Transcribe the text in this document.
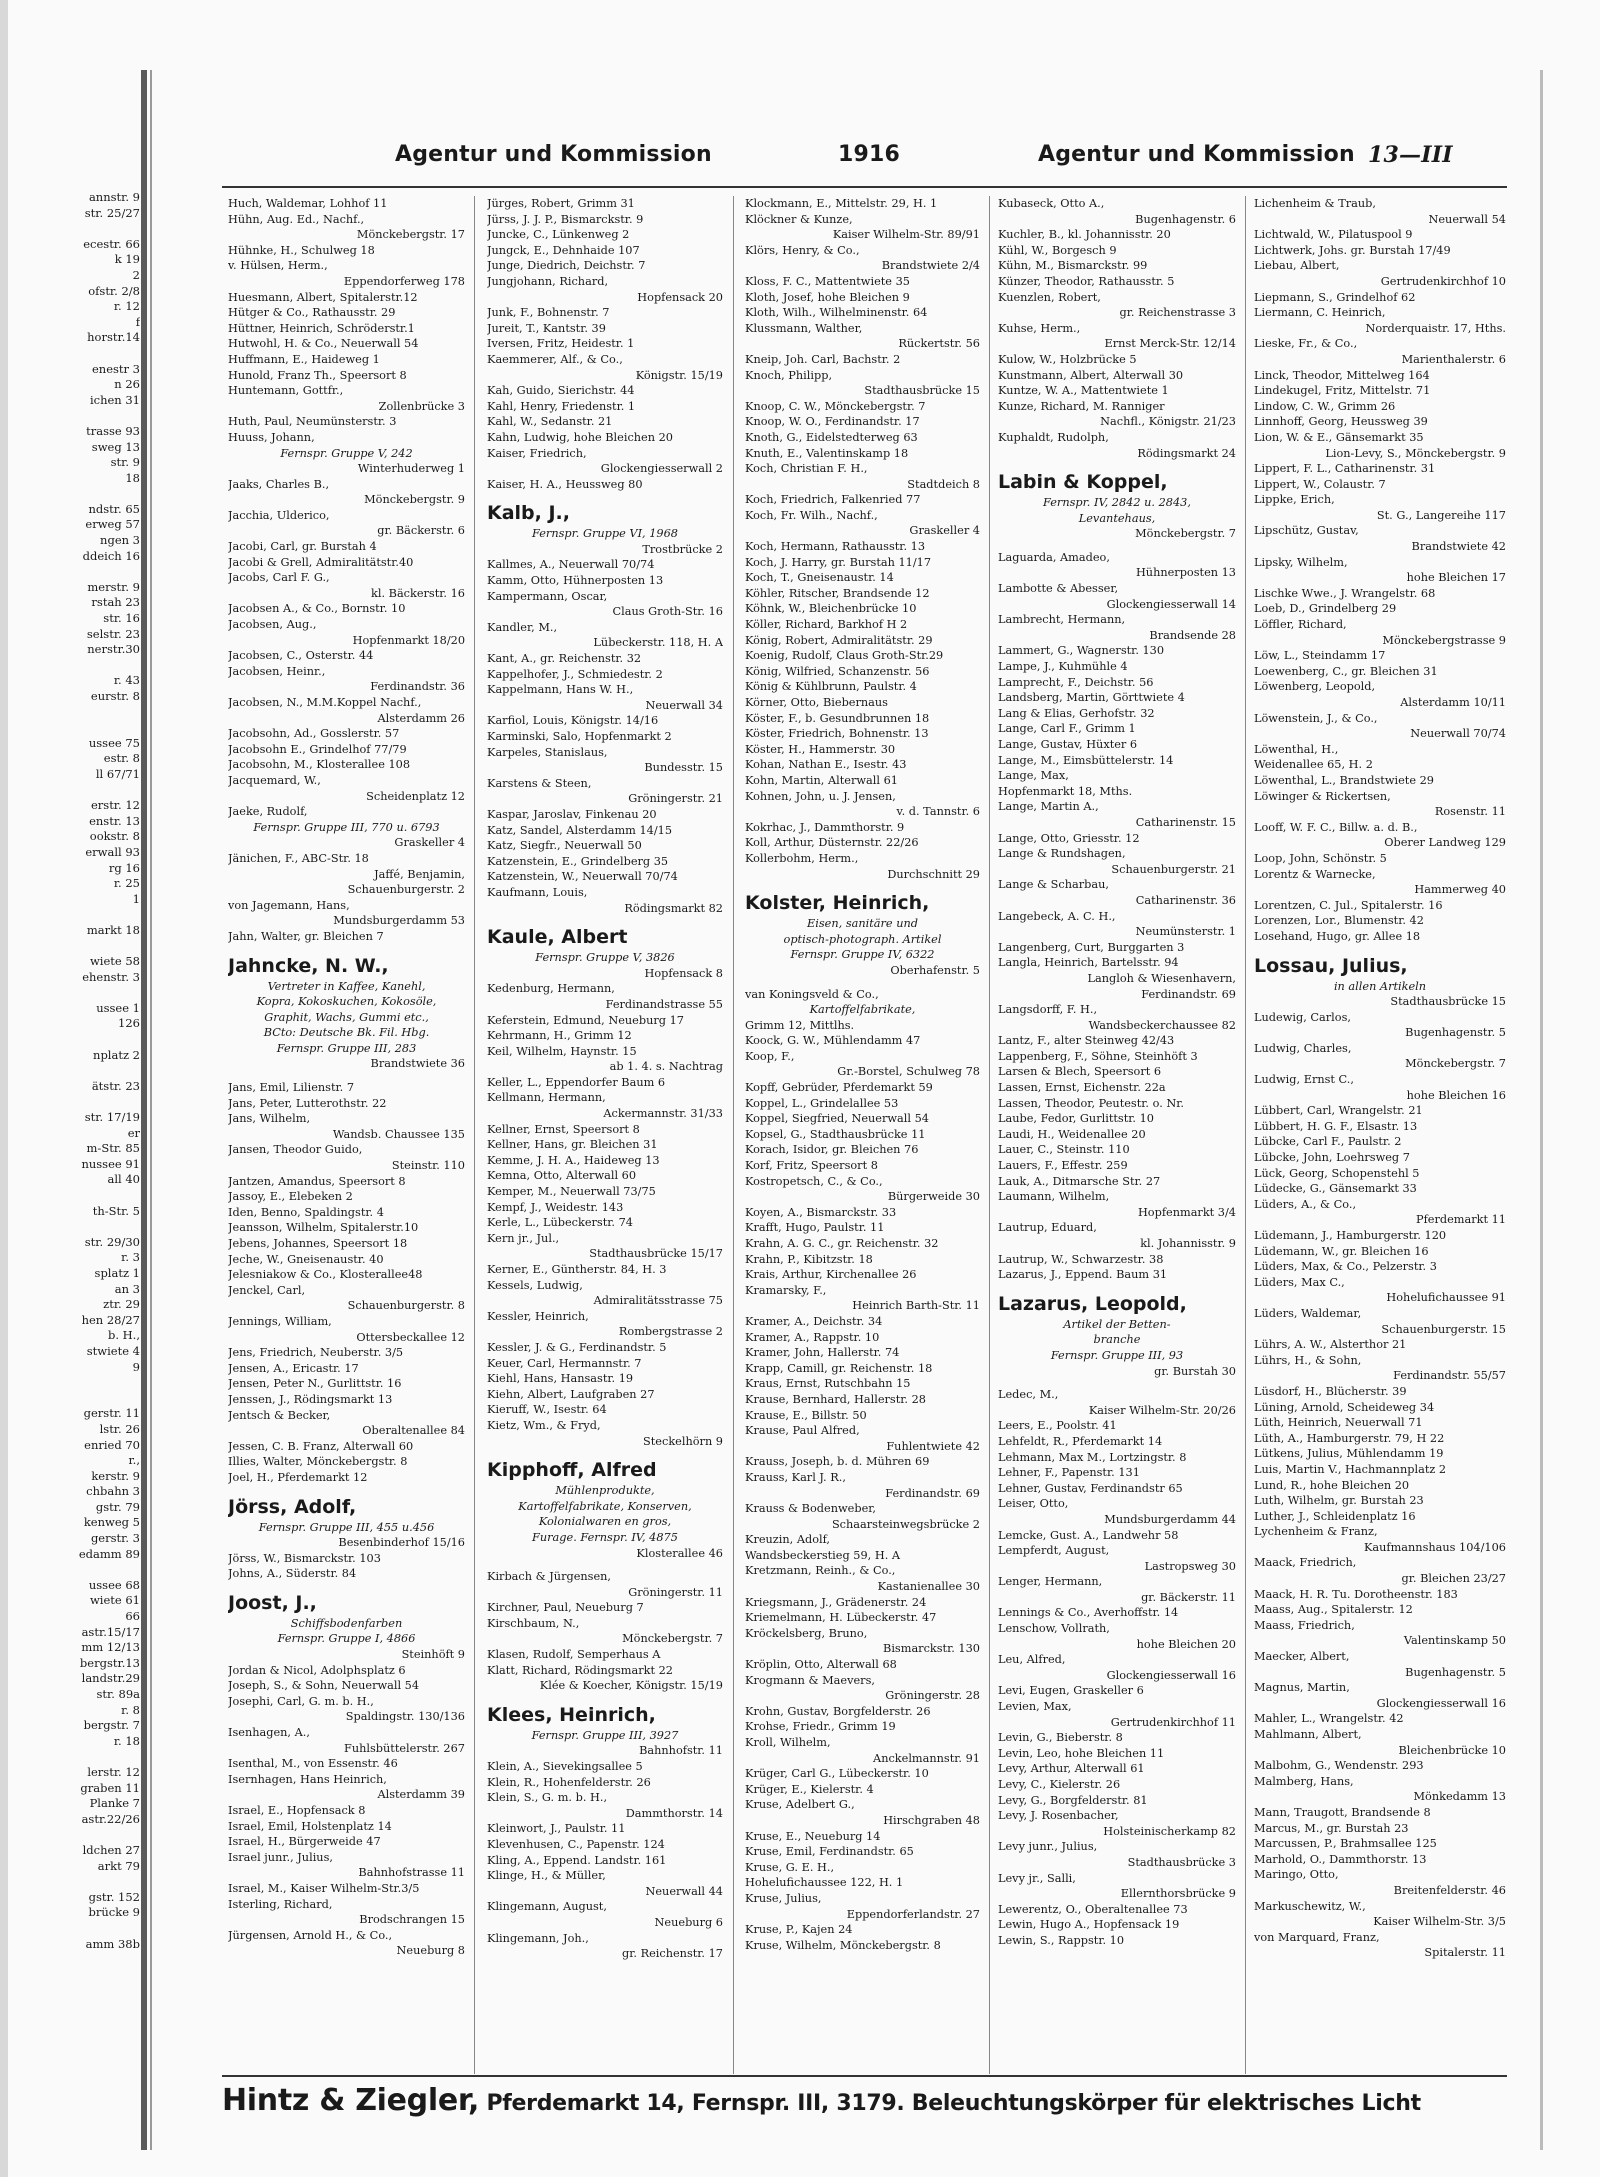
annstr. 9
str. 25/27

ecestr. 66
k 19
2
ofstr. 2/8
r. 12
f
horstr.14

enestr 3
n 26
ichen 31

trasse 93
sweg 13
str. 9
18

ndstr. 65
erweg 57
ngen 3
ddeich 16

merstr. 9
rstah 23
str. 16
selstr. 23
nerstr.30

r. 43
eurstr. 8

ussee 75
estr. 8
ll 67/71

erstr. 12
enstr. 13
ookstr. 8
erwall 93
rg 16
r. 25
1

markt 18

wiete 58
ehenstr. 3

ussee 1
126

nplatz 2

ätstr. 23

str. 17/19
er
m-Str. 85
nussee 91
all 40

th-Str. 5

str. 29/30
r. 3
splatz 1
an 3
ztr. 29
hen 28/27
b. H.,
stwiete 4
9

gerstr. 11
lstr. 26
enried 70
r.,
kerstr. 9
chbahn 3
gstr. 79
kenweg 5
gerstr. 3
edamm 89

ussee 68
wiete 61
66
astr.15/17
mm 12/13
bergstr.13
landstr.29
str. 89a
r. 8
bergstr. 7
r. 18

lerstr. 12
graben 11
Planke 7
astr.22/26

ldchen 27
arkt 79

gstr. 152
brücke 9

amm 38b
Agentur und Kommission	1916	Agentur und Kommission 13—III
Huch, Waldemar, Lohhof 11
Hühn, Aug. Ed., Nachf.,
Mönckebergstr. 17
Hühnke, H., Schulweg 18
v. Hülsen, Herm.,
Eppendorferweg 178
Huesmann, Albert, Spitalerstr.12
Hütger & Co., Rathausstr. 29
Hüttner, Heinrich, Schröderstr.1
Hutwohl, H. & Co., Neuerwall 54
Huffmann, E., Haideweg 1
Hunold, Franz Th., Speersort 8
Huntemann, Gottfr.,
Zollenbrücke 3
Huth, Paul, Neumünsterstr. 3
Huuss, Johann,
Fernspr. Gruppe V, 242
Winterhuderweg 1
Jaaks, Charles B.,
Mönckebergstr. 9
Jacchia, Ulderico,
gr. Bäckerstr. 6
Jacobi, Carl, gr. Burstah 4
Jacobi & Grell, Admiralitätstr.40
Jacobs, Carl F. G.,
kl. Bäckerstr. 16
Jacobsen A., & Co., Bornstr. 10
Jacobsen, Aug.,
Hopfenmarkt 18/20
Jacobsen, C., Osterstr. 44
Jacobsen, Heinr.,
Ferdinandstr. 36
Jacobsen, N., M.M.Koppel Nachf.,
Alsterdamm 26
Jacobsohn, Ad., Gosslerstr. 57
Jacobsohn E., Grindelhof 77/79
Jacobsohn, M., Klosterallee 108
Jacquemard, W.,
Scheidenplatz 12
Jaeke, Rudolf,
Fernspr. Gruppe III, 770 u. 6793
Graskeller 4
Jänichen, F., ABC-Str. 18
Jaffé, Benjamin,
Schauenburgerstr. 2
von Jagemann, Hans,
Mundsburgerdamm 53
Jahn, Walter, gr. Bleichen 7

Jahncke, N. W.,
Vertreter in Kaffee, Kanehl,
Kopra, Kokoskuchen, Kokosöle,
Graphit, Wachs, Gummi etc.,
BCto: Deutsche Bk. Fil. Hbg.
Fernspr. Gruppe III, 283
Brandstwiete 36

Jans, Emil, Lilienstr. 7
Jans, Peter, Lutterothstr. 22
Jans, Wilhelm,
Wandsb. Chaussee 135
Jansen, Theodor Guido,
Steinstr. 110
Jantzen, Amandus, Speersort 8
Jassoy, E., Elebeken 2
Iden, Benno, Spaldingstr. 4
Jeansson, Wilhelm, Spitalerstr.10
Jebens, Johannes, Speersort 18
Jeche, W., Gneisenaustr. 40
Jelesniakow & Co., Klosterallee48
Jenckel, Carl,
Schauenburgerstr. 8
Jennings, William,
Ottersbeckallee 12
Jens, Friedrich, Neuberstr. 3/5
Jensen, A., Ericastr. 17
Jensen, Peter N., Gurlittstr. 16
Jenssen, J., Rödingsmarkt 13
Jentsch & Becker,
Oberaltenallee 84
Jessen, C. B. Franz, Alterwall 60
Illies, Walter, Mönckebergstr. 8
Joel, H., Pferdemarkt 12

Jörss, Adolf,
Fernspr. Gruppe III, 455 u.456
Besenbinderhof 15/16
Jörss, W., Bismarckstr. 103
Johns, A., Süderstr. 84

Joost, J.,
Schiffsbodenfarben
Fernspr. Gruppe I, 4866
Steinhöft 9
Jordan & Nicol, Adolphsplatz 6
Joseph, S., & Sohn, Neuerwall 54
Josephi, Carl, G. m. b. H.,
Spaldingstr. 130/136
Isenhagen, A.,
Fuhlsbüttelerstr. 267
Isenthal, M., von Essenstr. 46
Isernhagen, Hans Heinrich,
Alsterdamm 39
Israel, E., Hopfensack 8
Israel, Emil, Holstenplatz 14
Israel, H., Bürgerweide 47
Israel junr., Julius,
Bahnhofstrasse 11
Israel, M., Kaiser Wilhelm-Str.3/5
Isterling, Richard,
Brodschrangen 15
Jürgensen, Arnold H., & Co.,
Neueburg 8
Jürges, Robert, Grimm 31
Jürss, J. J. P., Bismarckstr. 9
Juncke, C., Lünkenweg 2
Jungck, E., Dehnhaide 107
Junge, Diedrich, Deichstr. 7
Jungjohann, Richard,
Hopfensack 20
Junk, F., Bohnenstr. 7
Jureit, T., Kantstr. 39
Iversen, Fritz, Heidestr. 1
Kaemmerer, Alf., & Co.,
Königstr. 15/19
Kah, Guido, Sierichstr. 44
Kahl, Henry, Friedenstr. 1
Kahl, W., Sedanstr. 21
Kahn, Ludwig, hohe Bleichen 20
Kaiser, Friedrich,
Glockengiesserwall 2
Kaiser, H. A., Heussweg 80

Kalb, J.,
Fernspr. Gruppe VI, 1968
Trostbrücke 2
Kallmes, A., Neuerwall 70/74
Kamm, Otto, Hühnerposten 13
Kampermann, Oscar,
Claus Groth-Str. 16
Kandler, M.,
Lübeckerstr. 118, H. A
Kant, A., gr. Reichenstr. 32
Kappelhofer, J., Schmiedestr. 2
Kappelmann, Hans W. H.,
Neuerwall 34
Karfiol, Louis, Königstr. 14/16
Karminski, Salo, Hopfenmarkt 2
Karpeles, Stanislaus,
Bundesstr. 15
Karstens & Steen,
Gröningerstr. 21
Kaspar, Jaroslav, Finkenau 20
Katz, Sandel, Alsterdamm 14/15
Katz, Siegfr., Neuerwall 50
Katzenstein, E., Grindelberg 35
Katzenstein, W., Neuerwall 70/74
Kaufmann, Louis,
Rödingsmarkt 82

Kaule, Albert
Fernspr. Gruppe V, 3826
Hopfensack 8
Kedenburg, Hermann,
Ferdinandstrasse 55
Keferstein, Edmund, Neueburg 17
Kehrmann, H., Grimm 12
Keil, Wilhelm, Haynstr. 15
ab 1. 4. s. Nachtrag
Keller, L., Eppendorfer Baum 6
Kellmann, Hermann,
Ackermannstr. 31/33
Kellner, Ernst, Speersort 8
Kellner, Hans, gr. Bleichen 31
Kemme, J. H. A., Haideweg 13
Kemna, Otto, Alterwall 60
Kemper, M., Neuerwall 73/75
Kempf, J., Weidestr. 143
Kerle, L., Lübeckerstr. 74
Kern jr., Jul.,
Stadthausbrücke 15/17
Kerner, E., Güntherstr. 84, H. 3
Kessels, Ludwig,
Admiralitätsstrasse 75
Kessler, Heinrich,
Rombergstrasse 2
Kessler, J. & G., Ferdinandstr. 5
Keuer, Carl, Hermannstr. 7
Kiehl, Hans, Hansastr. 19
Kiehn, Albert, Laufgraben 27
Kieruff, W., Isestr. 64
Kietz, Wm., & Fryd,
Steckelhörn 9

Kipphoff, Alfred
Mühlenprodukte,
Kartoffelfabrikate, Konserven,
Kolonialwaren en gros,
Furage. Fernspr. IV, 4875
Klosterallee 46

Kirbach & Jürgensen,
Gröningerstr. 11
Kirchner, Paul, Neueburg 7
Kirschbaum, N.,
Mönckebergstr. 7
Klasen, Rudolf, Semperhaus A
Klatt, Richard, Rödingsmarkt 22
Klée & Koecher, Königstr. 15/19

Klees, Heinrich,
Fernspr. Gruppe III, 3927
Bahnhofstr. 11
Klein, A., Sievekingsallee 5
Klein, R., Hohenfelderstr. 26
Klein, S., G. m. b. H.,
Dammthorstr. 14
Kleinwort, J., Paulstr. 11
Klevenhusen, C., Papenstr. 124
Kling, A., Eppend. Landstr. 161
Klinge, H., & Müller,
Neuerwall 44
Klingemann, August,
Neueburg 6
Klingemann, Joh.,
gr. Reichenstr. 17
Klockmann, E., Mittelstr. 29, H. 1
Klöckner & Kunze,
Kaiser Wilhelm-Str. 89/91
Klörs, Henry, & Co.,
Brandstwiete 2/4
Kloss, F. C., Mattentwiete 35
Kloth, Josef, hohe Bleichen 9
Kloth, Wilh., Wilhelminenstr. 64
Klussmann, Walther,
Rückertstr. 56
Kneip, Joh. Carl, Bachstr. 2
Knoch, Philipp,
Stadthausbrücke 15
Knoop, C. W., Mönckebergstr. 7
Knoop, W. O., Ferdinandstr. 17
Knoth, G., Eidelstedterweg 63
Knuth, E., Valentinskamp 18
Koch, Christian F. H.,
Stadtdeich 8
Koch, Friedrich, Falkenried 77
Koch, Fr. Wilh., Nachf.,
Graskeller 4
Koch, Hermann, Rathausstr. 13
Koch, J. Harry, gr. Burstah 11/17
Koch, T., Gneisenaustr. 14
Köhler, Ritscher, Brandsende 12
Köhnk, W., Bleichenbrücke 10
Köller, Richard, Barkhof H 2
König, Robert, Admiralitätstr. 29
Koenig, Rudolf, Claus Groth-Str.29
König, Wilfried, Schanzenstr. 56
König & Kühlbrunn, Paulstr. 4
Körner, Otto, Biebernaus
Köster, F., b. Gesundbrunnen 18
Köster, Friedrich, Bohnenstr. 13
Köster, H., Hammerstr. 30
Kohan, Nathan E., Isestr. 43
Kohn, Martin, Alterwall 61
Kohnen, John, u. J. Jensen,
v. d. Tannstr. 6
Kokrhac, J., Dammthorstr. 9
Koll, Arthur, Düsternstr. 22/26
Kollerbohm, Herm.,
Durchschnitt 29

Kolster, Heinrich,
Eisen, sanitäre und
optisch-photograph. Artikel
Fernspr. Gruppe IV, 6322
Oberhafenstr. 5

van Koningsveld & Co.,
Kartoffelfabrikate,
Grimm 12, Mittlhs.
Koock, G. W., Mühlendamm 47
Koop, F.,
Gr.-Borstel, Schulweg 78
Kopff, Gebrüder, Pferdemarkt 59
Koppel, L., Grindelallee 53
Koppel, Siegfried, Neuerwall 54
Kopsel, G., Stadthausbrücke 11
Korach, Isidor, gr. Bleichen 76
Korf, Fritz, Speersort 8
Kostropetsch, C., & Co.,
Bürgerweide 30
Koyen, A., Bismarckstr. 33
Krafft, Hugo, Paulstr. 11
Krahn, A. G. C., gr. Reichenstr. 32
Krahn, P., Kibitzstr. 18
Krais, Arthur, Kirchenallee 26
Kramarsky, F.,
Heinrich Barth-Str. 11
Kramer, A., Deichstr. 34
Kramer, A., Rappstr. 10
Kramer, John, Hallerstr. 74
Krapp, Camill, gr. Reichenstr. 18
Kraus, Ernst, Rutschbahn 15
Krause, Bernhard, Hallerstr. 28
Krause, E., Billstr. 50
Krause, Paul Alfred,
Fuhlentwiete 42
Krauss, Joseph, b. d. Mühren 69
Krauss, Karl J. R.,
Ferdinandstr. 69
Krauss & Bodenweber,
Schaarsteinwegsbrücke 2
Kreuzin, Adolf,
Wandsbeckerstieg 59, H. A
Kretzmann, Reinh., & Co.,
Kastanienallee 30
Kriegsmann, J., Grädenerstr. 24
Kriemelmann, H. Lübeckerstr. 47
Kröckelsberg, Bruno,
Bismarckstr. 130
Kröplin, Otto, Alterwall 68
Krogmann & Maevers,
Gröningerstr. 28
Krohn, Gustav, Borgfelderstr. 26
Krohse, Friedr., Grimm 19
Kroll, Wilhelm,
Anckelmannstr. 91
Krüger, Carl G., Lübeckerstr. 10
Krüger, E., Kielerstr. 4
Kruse, Adelbert G.,
Hirschgraben 48
Kruse, E., Neueburg 14
Kruse, Emil, Ferdinandstr. 65
Kruse, G. E. H.,
Hohelufichaussee 122, H. 1
Kruse, Julius,
Eppendorferlandstr. 27
Kruse, P., Kajen 24
Kruse, Wilhelm, Mönckebergstr. 8
Kubaseck, Otto A.,
Bugenhagenstr. 6
Kuchler, B., kl. Johannisstr. 20
Kühl, W., Borgesch 9
Kühn, M., Bismarckstr. 99
Künzer, Theodor, Rathausstr. 5
Kuenzlen, Robert,
gr. Reichenstrasse 3
Kuhse, Herm.,
Ernst Merck-Str. 12/14
Kulow, W., Holzbrücke 5
Kunstmann, Albert, Alterwall 30
Kuntze, W. A., Mattentwiete 1
Kunze, Richard, M. Ranniger
Nachfl., Königstr. 21/23
Kuphaldt, Rudolph,
Rödingsmarkt 24

Labin & Koppel,
Fernspr. IV, 2842 u. 2843,
Levantehaus,
Mönckebergstr. 7

Laguarda, Amadeo,
Hühnerposten 13
Lambotte & Abesser,
Glockengiesserwall 14
Lambrecht, Hermann,
Brandsende 28
Lammert, G., Wagnerstr. 130
Lampe, J., Kuhmühle 4
Lamprecht, F., Deichstr. 56
Landsberg, Martin, Görttwiete 4
Lang & Elias, Gerhofstr. 32
Lange, Carl F., Grimm 1
Lange, Gustav, Hüxter 6
Lange, M., Eimsbüttelerstr. 14
Lange, Max,
Hopfenmarkt 18, Mths.
Lange, Martin A.,
Catharinenstr. 15
Lange, Otto, Griesstr. 12
Lange & Rundshagen,
Schauenburgerstr. 21
Lange & Scharbau,
Catharinenstr. 36
Langebeck, A. C. H.,
Neumünsterstr. 1
Langenberg, Curt, Burggarten 3
Langla, Heinrich, Bartelsstr. 94
Langloh & Wiesenhavern,
Ferdinandstr. 69
Langsdorff, F. H.,
Wandsbeckerchaussee 82
Lantz, F., alter Steinweg 42/43
Lappenberg, F., Söhne, Steinhöft 3
Larsen & Blech, Speersort 6
Lassen, Ernst, Eichenstr. 22a
Lassen, Theodor, Peutestr. o. Nr.
Laube, Fedor, Gurlittstr. 10
Laudi, H., Weidenallee 20
Lauer, C., Steinstr. 110
Lauers, F., Effestr. 259
Lauk, A., Ditmarsche Str. 27
Laumann, Wilhelm,
Hopfenmarkt 3/4
Lautrup, Eduard,
kl. Johannisstr. 9
Lautrup, W., Schwarzestr. 38
Lazarus, J., Eppend. Baum 31

Lazarus, Leopold,
Artikel der Betten-
branche
Fernspr. Gruppe III, 93
gr. Burstah 30

Ledec, M.,
Kaiser Wilhelm-Str. 20/26
Leers, E., Poolstr. 41
Lehfeldt, R., Pferdemarkt 14
Lehmann, Max M., Lortzingstr. 8
Lehner, F., Papenstr. 131
Lehner, Gustav, Ferdinandstr 65
Leiser, Otto,
Mundsburgerdamm 44
Lemcke, Gust. A., Landwehr 58
Lempferdt, August,
Lastropsweg 30
Lenger, Hermann,
gr. Bäckerstr. 11
Lennings & Co., Averhoffstr. 14
Lenschow, Vollrath,
hohe Bleichen 20
Leu, Alfred,
Glockengiesserwall 16
Levi, Eugen, Graskeller 6
Levien, Max,
Gertrudenkirchhof 11
Levin, G., Bieberstr. 8
Levin, Leo, hohe Bleichen 11
Levy, Arthur, Alterwall 61
Levy, C., Kielerstr. 26
Levy, G., Borgfelderstr. 81
Levy, J. Rosenbacher,
Holsteinischerkamp 82
Levy junr., Julius,
Stadthausbrücke 3
Levy jr., Salli,
Ellernthorsbrücke 9
Lewerentz, O., Oberaltenallee 73
Lewin, Hugo A., Hopfensack 19
Lewin, S., Rappstr. 10
Lichenheim & Traub,
Neuerwall 54
Lichtwald, W., Pilatuspool 9
Lichtwerk, Johs. gr. Burstah 17/49
Liebau, Albert,
Gertrudenkirchhof 10
Liepmann, S., Grindelhof 62
Liermann, C. Heinrich,
Norderquaistr. 17, Hths.
Lieske, Fr., & Co.,
Marienthalerstr. 6
Linck, Theodor, Mittelweg 164
Lindekugel, Fritz, Mittelstr. 71
Lindow, C. W., Grimm 26
Linnhoff, Georg, Heussweg 39
Lion, W. & E., Gänsemarkt 35
Lion-Levy, S., Mönckebergstr. 9
Lippert, F. L., Catharinenstr. 31
Lippert, W., Colaustr. 7
Lippke, Erich,
St. G., Langereihe 117
Lipschütz, Gustav,
Brandstwiete 42
Lipsky, Wilhelm,
hohe Bleichen 17
Lischke Wwe., J. Wrangelstr. 68
Loeb, D., Grindelberg 29
Löffler, Richard,
Mönckebergstrasse 9
Löw, L., Steindamm 17
Loewenberg, C., gr. Bleichen 31
Löwenberg, Leopold,
Alsterdamm 10/11
Löwenstein, J., & Co.,
Neuerwall 70/74
Löwenthal, H.,
Weidenallee 65, H. 2
Löwenthal, L., Brandstwiete 29
Löwinger & Rickertsen,
Rosenstr. 11
Looff, W. F. C., Billw. a. d. B.,
Oberer Landweg 129
Loop, John, Schönstr. 5
Lorentz & Warnecke,
Hammerweg 40
Lorentzen, C. Jul., Spitalerstr. 16
Lorenzen, Lor., Blumenstr. 42
Losehand, Hugo, gr. Allee 18

Lossau, Julius,
in allen Artikeln
Stadthausbrücke 15
Ludewig, Carlos,
Bugenhagenstr. 5
Ludwig, Charles,
Mönckebergstr. 7
Ludwig, Ernst C.,
hohe Bleichen 16
Lübbert, Carl, Wrangelstr. 21
Lübbert, H. G. F., Elsastr. 13
Lübcke, Carl F., Paulstr. 2
Lübcke, John, Loehrsweg 7
Lück, Georg, Schopenstehl 5
Lüdecke, G., Gänsemarkt 33
Lüders, A., & Co.,
Pferdemarkt 11
Lüdemann, J., Hamburgerstr. 120
Lüdemann, W., gr. Bleichen 16
Lüders, Max, & Co., Pelzerstr. 3
Lüders, Max C.,
Hohelufichaussee 91
Lüders, Waldemar,
Schauenburgerstr. 15
Lührs, A. W., Alsterthor 21
Lührs, H., & Sohn,
Ferdinandstr. 55/57
Lüsdorf, H., Blücherstr. 39
Lüning, Arnold, Scheideweg 34
Lüth, Heinrich, Neuerwall 71
Lüth, A., Hamburgerstr. 79, H 22
Lütkens, Julius, Mühlendamm 19
Luis, Martin V., Hachmannplatz 2
Lund, R., hohe Bleichen 20
Luth, Wilhelm, gr. Burstah 23
Luther, J., Schleidenplatz 16
Lychenheim & Franz,
Kaufmannshaus 104/106
Maack, Friedrich,
gr. Bleichen 23/27
Maack, H. R. Tu. Dorotheenstr. 183
Maass, Aug., Spitalerstr. 12
Maass, Friedrich,
Valentinskamp 50
Maecker, Albert,
Bugenhagenstr. 5
Magnus, Martin,
Glockengiesserwall 16
Mahler, L., Wrangelstr. 42
Mahlmann, Albert,
Bleichenbrücke 10
Malbohm, G., Wendenstr. 293
Malmberg, Hans,
Mönkedamm 13
Mann, Traugott, Brandsende 8
Marcus, M., gr. Burstah 23
Marcussen, P., Brahmsallee 125
Marhold, O., Dammthorstr. 13
Maringo, Otto,
Breitenfelderstr. 46
Markuschewitz, W.,
Kaiser Wilhelm-Str. 3/5
von Marquard, Franz,
Spitalerstr. 11
Hintz & Ziegler, Pferdemarkt 14, Fernspr. III, 3179. Beleuchtungskörper für elektrisches Licht
